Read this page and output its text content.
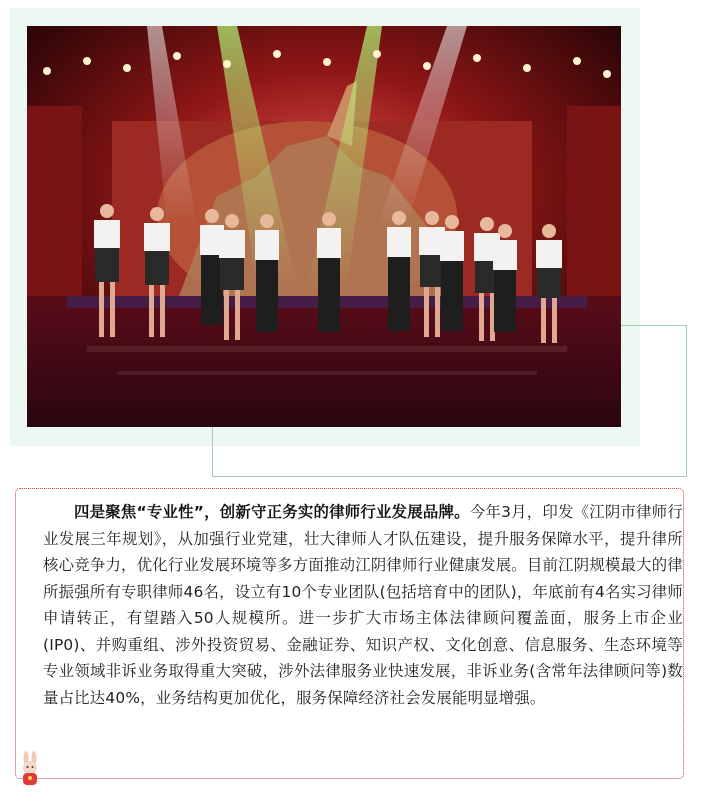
四是聚焦“专业性”，创新守正务实的律师行业发展品牌。今年3月，印发《江阴市律师行业发展三年规划》，从加强行业党建，壮大律师人才队伍建设，提升服务保障水平，提升律所核心竞争力，优化行业发展环境等多方面推动江阴律师行业健康发展。目前江阴规模最大的律所振强所有专职律师46名，设立有10个专业团队(包括培育中的团队)，年底前有4名实习律师申请转正，有望踏入50人规模所。进一步扩大市场主体法律顾问覆盖面，服务上市企业(IP0)、并购重组、涉外投资贸易、金融证券、知识产权、文化创意、信息服务、生态环境等专业领域非诉业务取得重大突破，涉外法律服务业快速发展，非诉业务(含常年法律顾问等)数量占比达40%，业务结构更加优化，服务保障经济社会发展能明显增强。
